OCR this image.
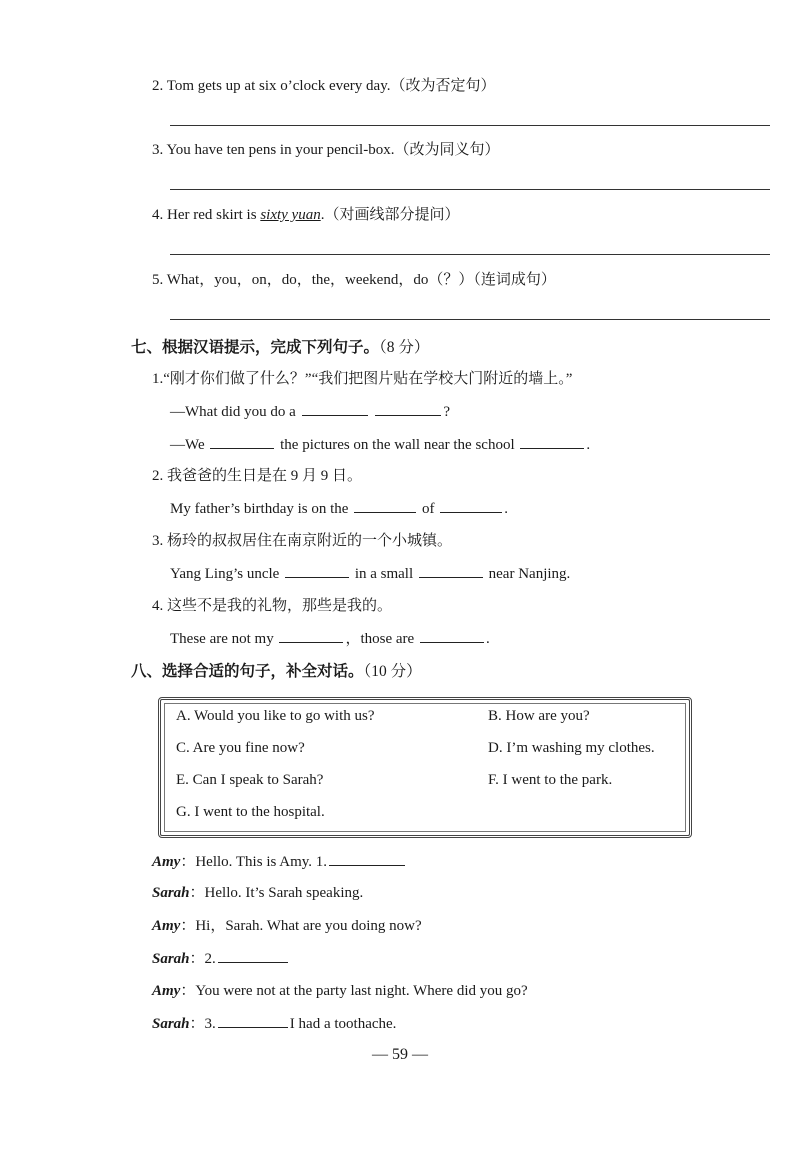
2. Tom gets up at six o’clock every day.（改为否定句）
3. You have ten pens in your pencil-box.（改为同义句）
4. Her red skirt is sixty yuan.（对画线部分提问）
5. What，you，on，do，the，weekend，do（？）（连词成句）
七、根据汉语提示，完成下列句子。（8 分）
1.“刚才你们做了什么？”“我们把图片贴在学校大门附近的墙上。”
—What did you do a	?
—We	the pictures on the wall near the school	.
2. 我爸爸的生日是在 9 月 9 日。
My father’s birthday is on the	of	.
3. 杨玲的叔叔居住在南京附近的一个小城镇。
Yang Ling’s uncle	in a small	near Nanjing.
4. 这些不是我的礼物，那些是我的。
These are not my	，those are	.
八、选择合适的句子，补全对话。（10 分）
A. Would you like to go with us?	B. How are you?
C. Are you fine now?	D. I’m washing my clothes.
E. Can I speak to Sarah?	F. I went to the park.
G. I went to the hospital.
Amy：Hello. This is Amy. 1.
Sarah：Hello. It’s Sarah speaking.
Amy：Hi，Sarah. What are you doing now?
Sarah：2.
Amy：You were not at the party last night. Where did you go?
Sarah：3.	I had a toothache.
— 59 —
